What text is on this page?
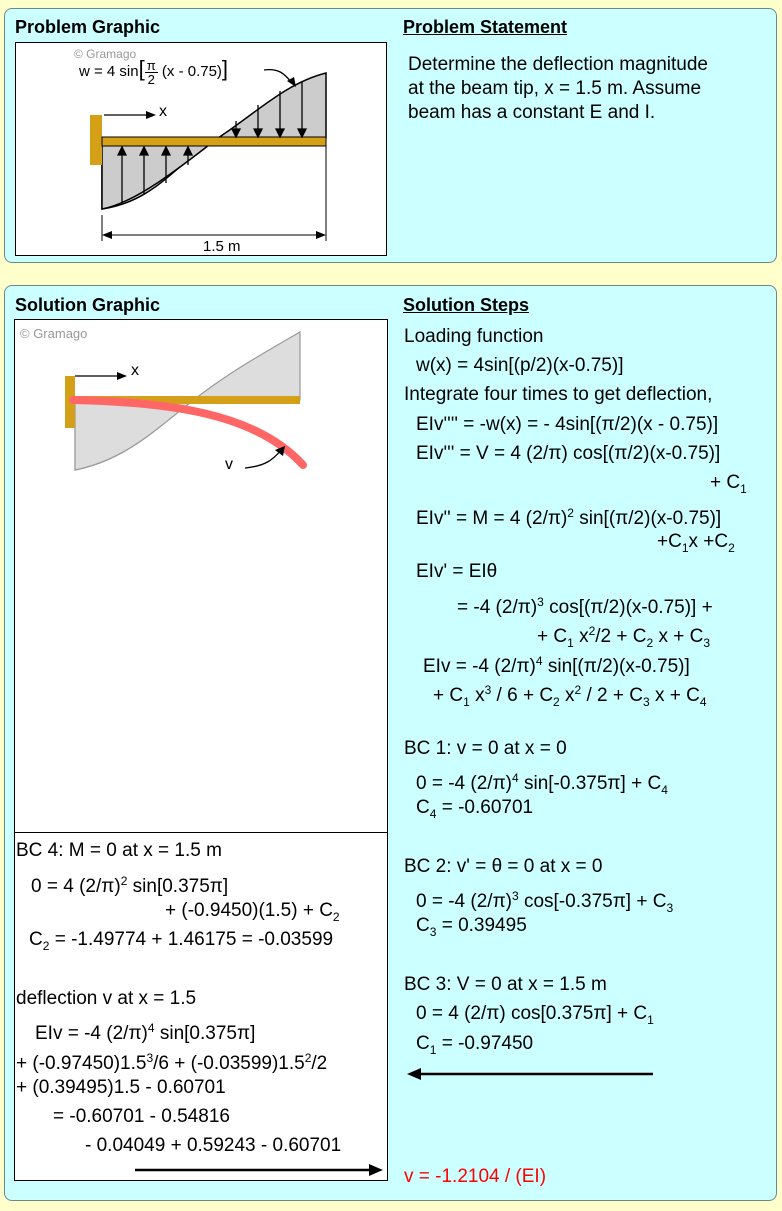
Problem Graphic	Problem Statement
© Gramago
w = 4 $\sin[ \frac{\pi}{2} (x - 0.75)]$
x
1.5 m
Determine the deflection magnitude
at the beam tip, x = 1.5 m. Assume
beam has a constant E and I.
Solution Graphic	Solution Steps
© Gramago
x
v
BC 4: M = 0 at x = 1.5 m
0 = 4 $(2/\pi)^2$ sin[0.375π]
+ $(-0.9450)(1.5) + C_2$
$C_2 = -1.49774 + 1.46175 = -0.03599$
deflection v at x = 1.5
EIv = -4 $(2/\pi)^4$ sin[0.375π]
+ $(-0.97450)1.5^3/6 + (-0.03599)1.5^2/2$
+ (0.39495)1.5 - 0.60701
= -0.60701 - 0.54816
- 0.04049 + 0.59243 - 0.60701
Loading function
w(x) = 4sin[(p/2)(x-0.75)]
Integrate four times to get deflection,
EIv'''' = -w(x) = - 4sin[(π/2)(x - 0.75)]
EIv''' = V = 4 (2/π) cos[(π/2)(x-0.75)]
+ $C_1$
EIv'' = M = 4 $(2/\pi)^2$ sin[(π/2)(x-0.75)]
$+C_1x +C_2$
EIv' = EIθ
= -4 $(2/\pi)^3$ cos[(π/2)(x-0.75)] +
+ $C_1$ $x^2/2 + C_2$ $x + C_3$
EIv = -4 $(2/\pi)^4$ sin[(π/2)(x-0.75)]
+ $C_1$ $x^3 / 6 + C_2$ $x^2 / 2 + C_3$ $x + C_4$
BC 1: v = 0 at x = 0
0 = -4 $(2/\pi)^4$ $\sin[-0.375\pi] + C_4$
$C_4 = -0.60701$
BC 2: v' = θ = 0 at x = 0
0 = -4 $(2/\pi)^3$ $\cos[-0.375\pi] + C_3$
$C_3 = 0.39495$
BC 3: V = 0 at x = 1.5 m
0 = 4 (2/π) $\cos[0.375\pi] + C_1$
$C_1 = -0.97450$
v = -1.2104 / (EI)
